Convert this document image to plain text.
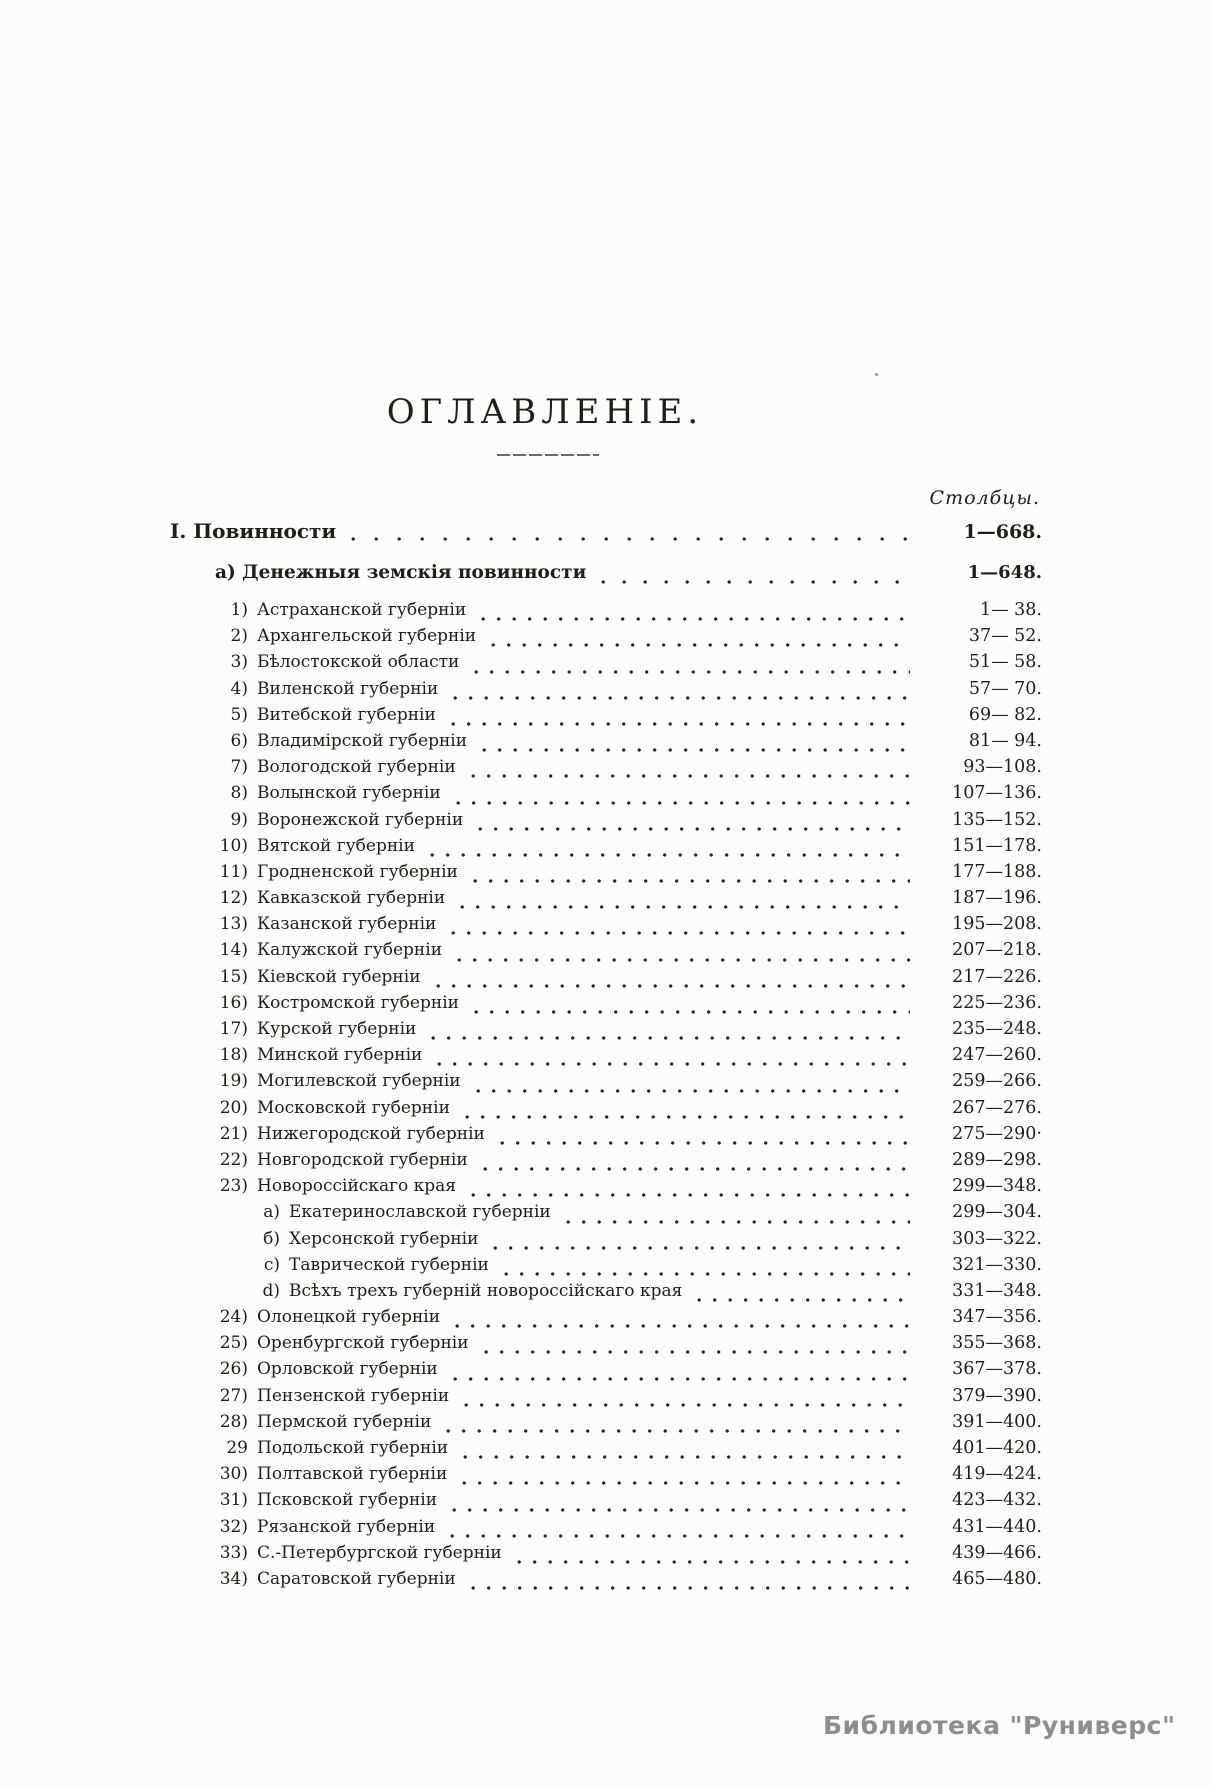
ОГЛАВЛЕНІЕ.
Столбцы.
I. Повинности	1—668.
а) Денежныя земскія повинности	1—648.
1) Астраханской губерніи	1— 38.
2) Архангельской губерніи	37— 52.
3) Бѣлостокской области	51— 58.
4) Виленской губерніи	57— 70.
5) Витебской губерніи	69— 82.
6) Владимірской губерніи	81— 94.
7) Вологодской губерніи	93—108.
8) Волынской губерніи	107—136.
9) Воронежской губерніи	135—152.
10) Вятской губерніи	151—178.
11) Гродненской губерніи	177—188.
12) Кавказской губерніи	187—196.
13) Казанской губерніи	195—208.
14) Калужской губерніи	207—218.
15) Кіевской губерніи	217—226.
16) Костромской губерніи	225—236.
17) Курской губерніи	235—248.
18) Минской губерніи	247—260.
19) Могилевской губерніи	259—266.
20) Московской губерніи	267—276.
21) Нижегородской губерніи	275—290·
22) Новгородской губерніи	289—298.
23) Новороссійскаго края	299—348.
а) Екатеринославской губерніи	299—304.
б) Херсонской губерніи	303—322.
с) Таврической губерніи	321—330.
d) Всѣхъ трехъ губерній новороссійскаго края	331—348.
24) Олонецкой губерніи	347—356.
25) Оренбургской губерніи	355—368.
26) Орловской губерніи	367—378.
27) Пензенской губерніи	379—390.
28) Пермской губерніи	391—400.
29 Подольской губерніи	401—420.
30) Полтавской губерніи	419—424.
31) Псковской губерніи	423—432.
32) Рязанской губерніи	431—440.
33) С.-Петербургской губерніи	439—466.
34) Саратовской губерніи	465—480.
Библиотека "Руниверс"
